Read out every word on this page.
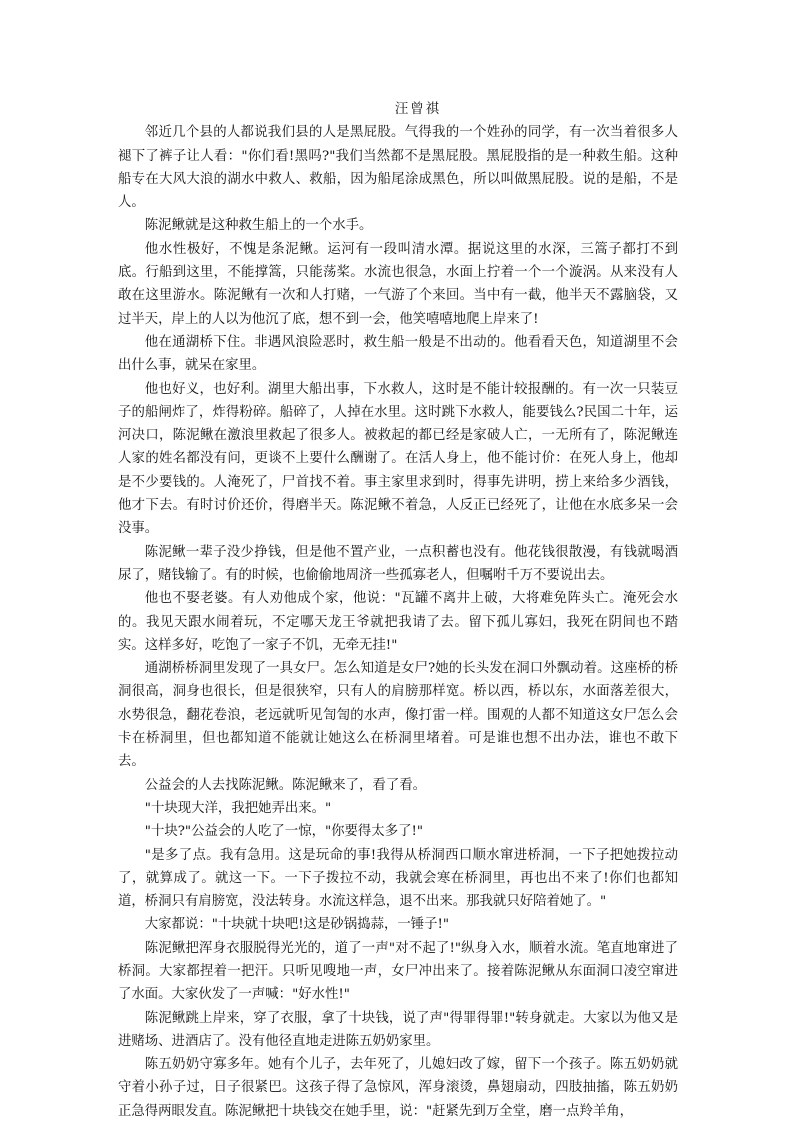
汪曾祺

邻近几个县的人都说我们县的人是黑屁股。气得我的一个姓孙的同学，有一次当着很多人褪下了裤子让人看："你们看!黑吗?"我们当然都不是黑屁股。黑屁股指的是一种救生船。这种船专在大风大浪的湖水中救人、救船，因为船尾涂成黑色，所以叫做黑屁股。说的是船，不是人。

陈泥鳅就是这种救生船上的一个水手。

他水性极好，不愧是条泥鳅。运河有一段叫清水潭。据说这里的水深，三篙子都打不到底。行船到这里，不能撑篙，只能荡桨。水流也很急，水面上拧着一个一个漩涡。从来没有人敢在这里游水。陈泥鳅有一次和人打赌，一气游了个来回。当中有一截，他半天不露脑袋，又过半天，岸上的人以为他沉了底，想不到一会，他笑嘻嘻地爬上岸来了!

他在通湖桥下住。非遇风浪险恶时，救生船一般是不出动的。他看看天色，知道湖里不会出什么事，就呆在家里。

他也好义，也好利。湖里大船出事，下水救人，这时是不能计较报酬的。有一次一只装豆子的船闸炸了，炸得粉碎。船碎了，人掉在水里。这时跳下水救人，能要钱么?民国二十年，运河决口，陈泥鳅在激浪里救起了很多人。被救起的都已经是家破人亡，一无所有了，陈泥鳅连人家的姓名都没有问，更谈不上要什么酬谢了。在活人身上，他不能讨价：在死人身上，他却是不少要钱的。人淹死了，尸首找不着。事主家里求到时，得事先讲明，捞上来给多少酒钱，他才下去。有时讨价还价，得磨半天。陈泥鳅不着急，人反正已经死了，让他在水底多呆一会没事。

陈泥鳅一辈子没少挣钱，但是他不置产业，一点积蓄也没有。他花钱很散漫，有钱就喝酒尿了，赌钱输了。有的时候，也偷偷地周济一些孤寡老人，但嘱咐千万不要说出去。

他也不娶老婆。有人劝他成个家，他说："瓦罐不离井上破，大将难免阵头亡。淹死会水的。我见天跟水闹着玩，不定哪天龙王爷就把我请了去。留下孤儿寡妇，我死在阴间也不踏实。这样多好，吃饱了一家子不饥，无牵无挂!"

通湖桥桥洞里发现了一具女尸。怎么知道是女尸?她的长头发在洞口外飘动着。这座桥的桥洞很高，洞身也很长，但是很狭窄，只有人的肩膀那样宽。桥以西，桥以东，水面落差很大，水势很急，翻花卷浪，老远就听见訇訇的水声，像打雷一样。围观的人都不知道这女尸怎么会卡在桥洞里，但也都知道不能就让她这么在桥洞里堵着。可是谁也想不出办法，谁也不敢下去。

公益会的人去找陈泥鳅。陈泥鳅来了，看了看。

"十块现大洋，我把她弄出来。"

"十块?"公益会的人吃了一惊，"你要得太多了!"

"是多了点。我有急用。这是玩命的事!我得从桥洞西口顺水窜进桥洞，一下子把她拨拉动了，就算成了。就这一下。一下子拨拉不动，我就会寒在桥洞里，再也出不来了!你们也都知道，桥洞只有肩膀宽，没法转身。水流这样急，退不出来。那我就只好陪着她了。"

大家都说："十块就十块吧!这是砂锅捣蒜，一锤子!"

陈泥鳅把浑身衣服脱得光光的，道了一声"对不起了!"纵身入水，顺着水流。笔直地窜进了桥洞。大家都捏着一把汗。只听见嗖地一声，女尸冲出来了。接着陈泥鳅从东面洞口凌空窜进了水面。大家伙发了一声喊："好水性!"

陈泥鳅跳上岸来，穿了衣服，拿了十块钱，说了声"得罪得罪!"转身就走。大家以为他又是进赌场、进酒店了。没有他径直地走进陈五奶奶家里。

陈五奶奶守寡多年。她有个儿子，去年死了，儿媳妇改了嫁，留下一个孩子。陈五奶奶就守着小孙子过，日子很紧巴。这孩子得了急惊风，浑身滚烫，鼻翅扇动，四肢抽搐，陈五奶奶正急得两眼发直。陈泥鳅把十块钱交在她手里，说："赶紧先到万全堂，磨一点羚羊角，
